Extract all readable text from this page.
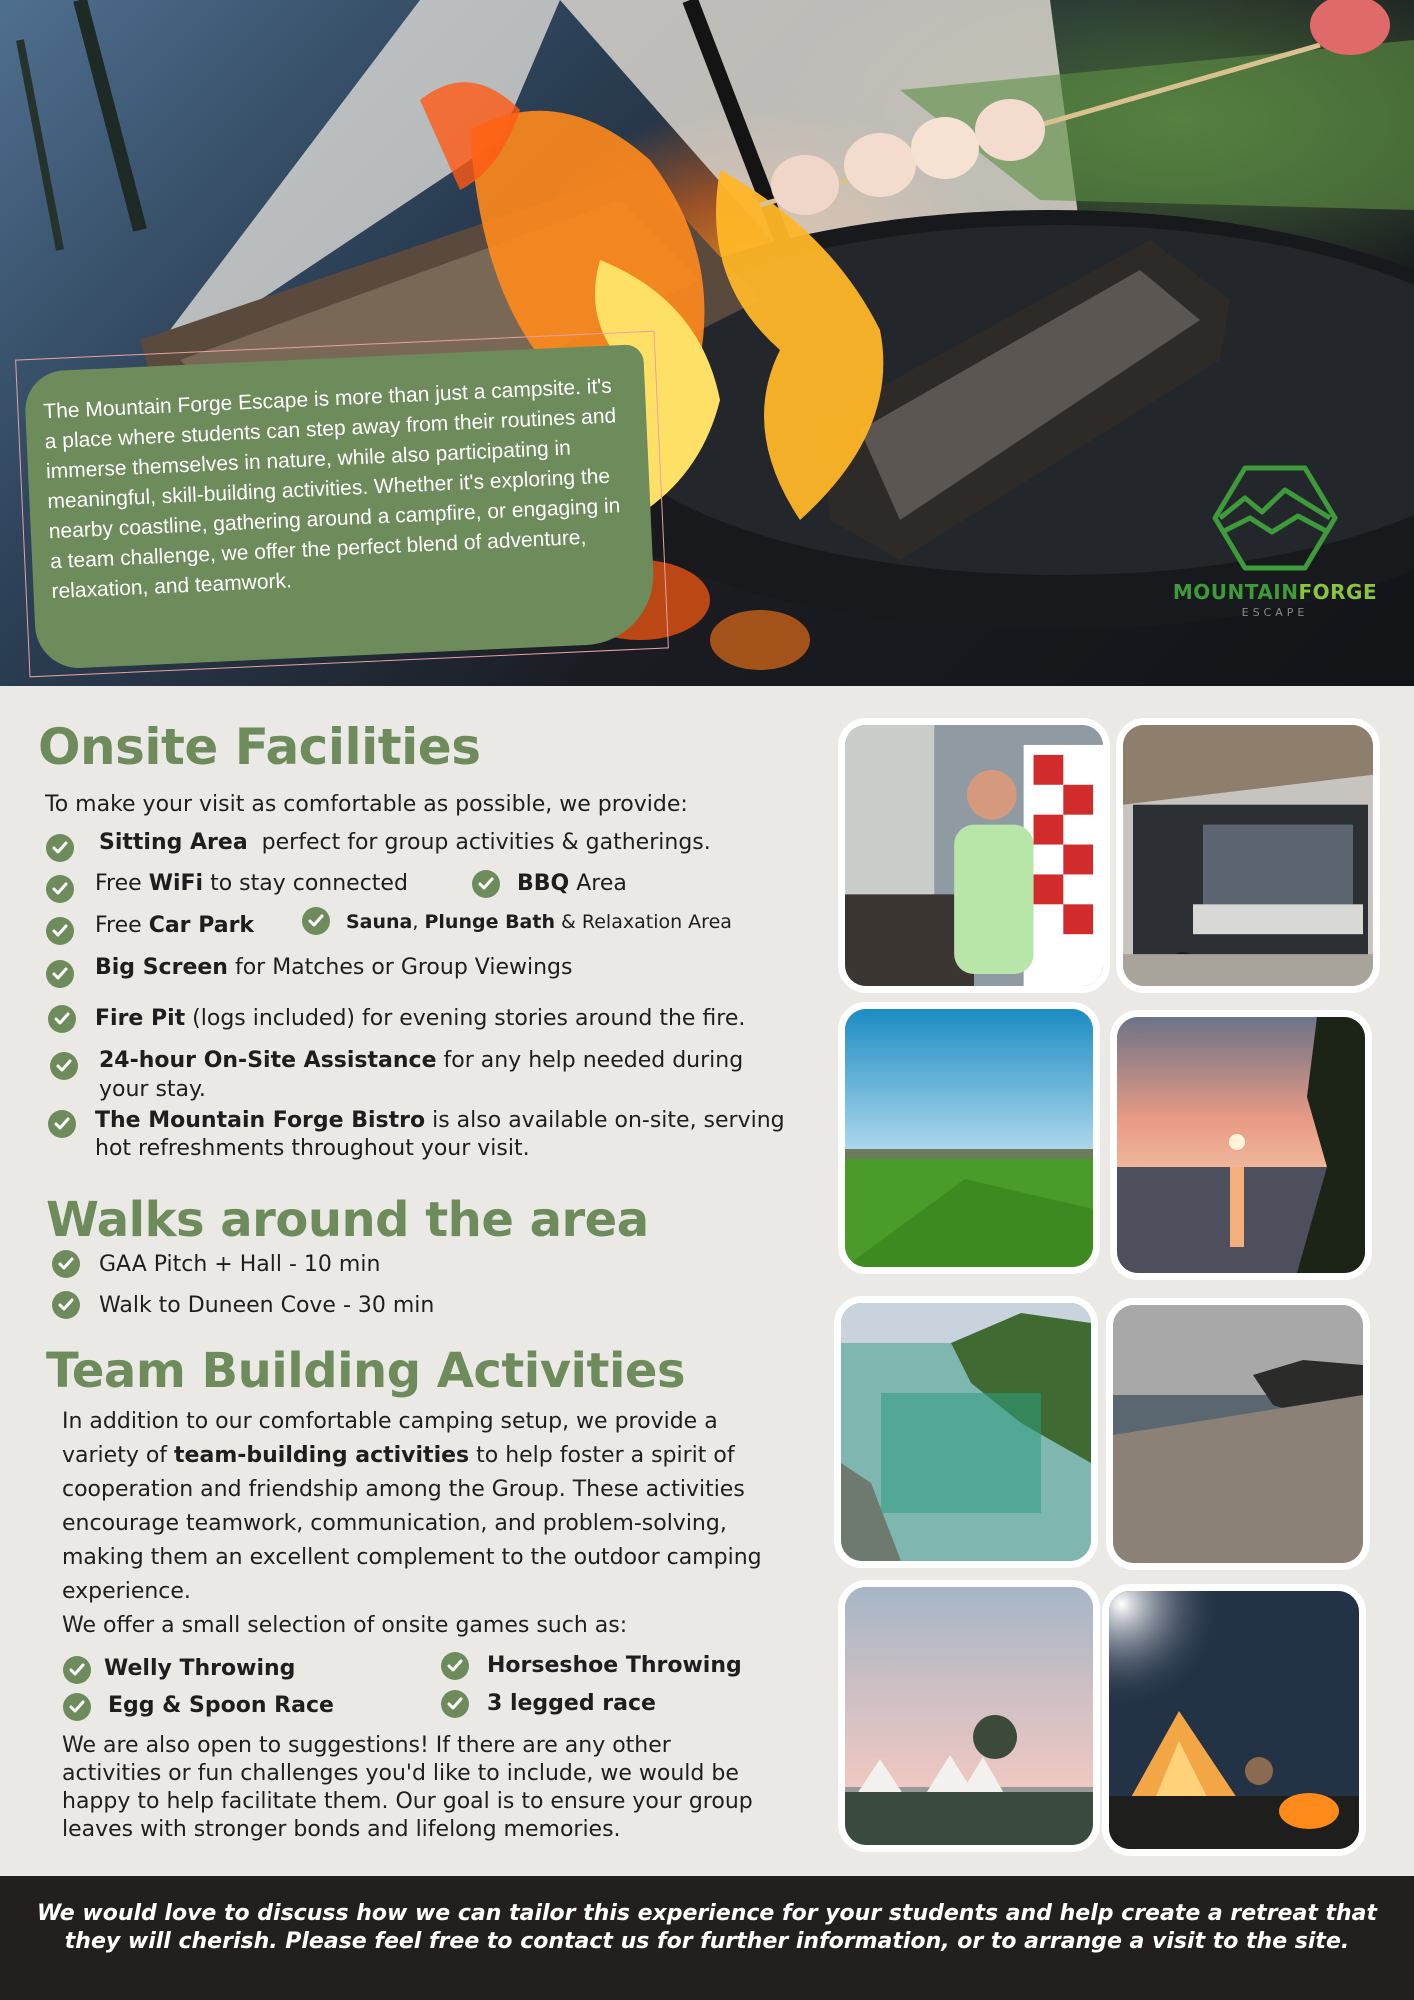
The Mountain Forge Escape is more than just a campsite. it's a place where students can step away from their routines and immerse themselves in nature, while also participating in meaningful, skill-building activities. Whether it's exploring the nearby coastline, gathering around a campfire, or engaging in a team challenge, we offer the perfect blend of adventure, relaxation, and teamwork.	MOUNTAINFORGE
ESCAPE
Onsite Facilities
To make your visit as comfortable as possible, we provide:
Sitting Area perfect for group activities & gatherings.
Free WiFi to stay connected	BBQ Area
Free Car Park	Sauna, Plunge Bath & Relaxation Area
Big Screen for Matches or Group Viewings
Fire Pit (logs included) for evening stories around the fire.
24-hour On-Site Assistance for any help needed during
your stay.
The Mountain Forge Bistro is also available on-site, serving
hot refreshments throughout your visit.
Walks around the area
GAA Pitch + Hall - 10 min
Walk to Duneen Cove - 30 min
Team Building Activities
In addition to our comfortable camping setup, we provide a
variety of team-building activities to help foster a spirit of
cooperation and friendship among the Group. These activities
encourage teamwork, communication, and problem-solving,
making them an excellent complement to the outdoor camping
experience.
We offer a small selection of onsite games such as:
Welly Throwing	Horseshoe Throwing
Egg & Spoon Race	3 legged race
We are also open to suggestions! If there are any other
activities or fun challenges you'd like to include, we would be
happy to help facilitate them. Our goal is to ensure your group
leaves with stronger bonds and lifelong memories.

We would love to discuss how we can tailor this experience for your students and help create a retreat that
they will cherish. Please feel free to contact us for further information, or to arrange a visit to the site.
